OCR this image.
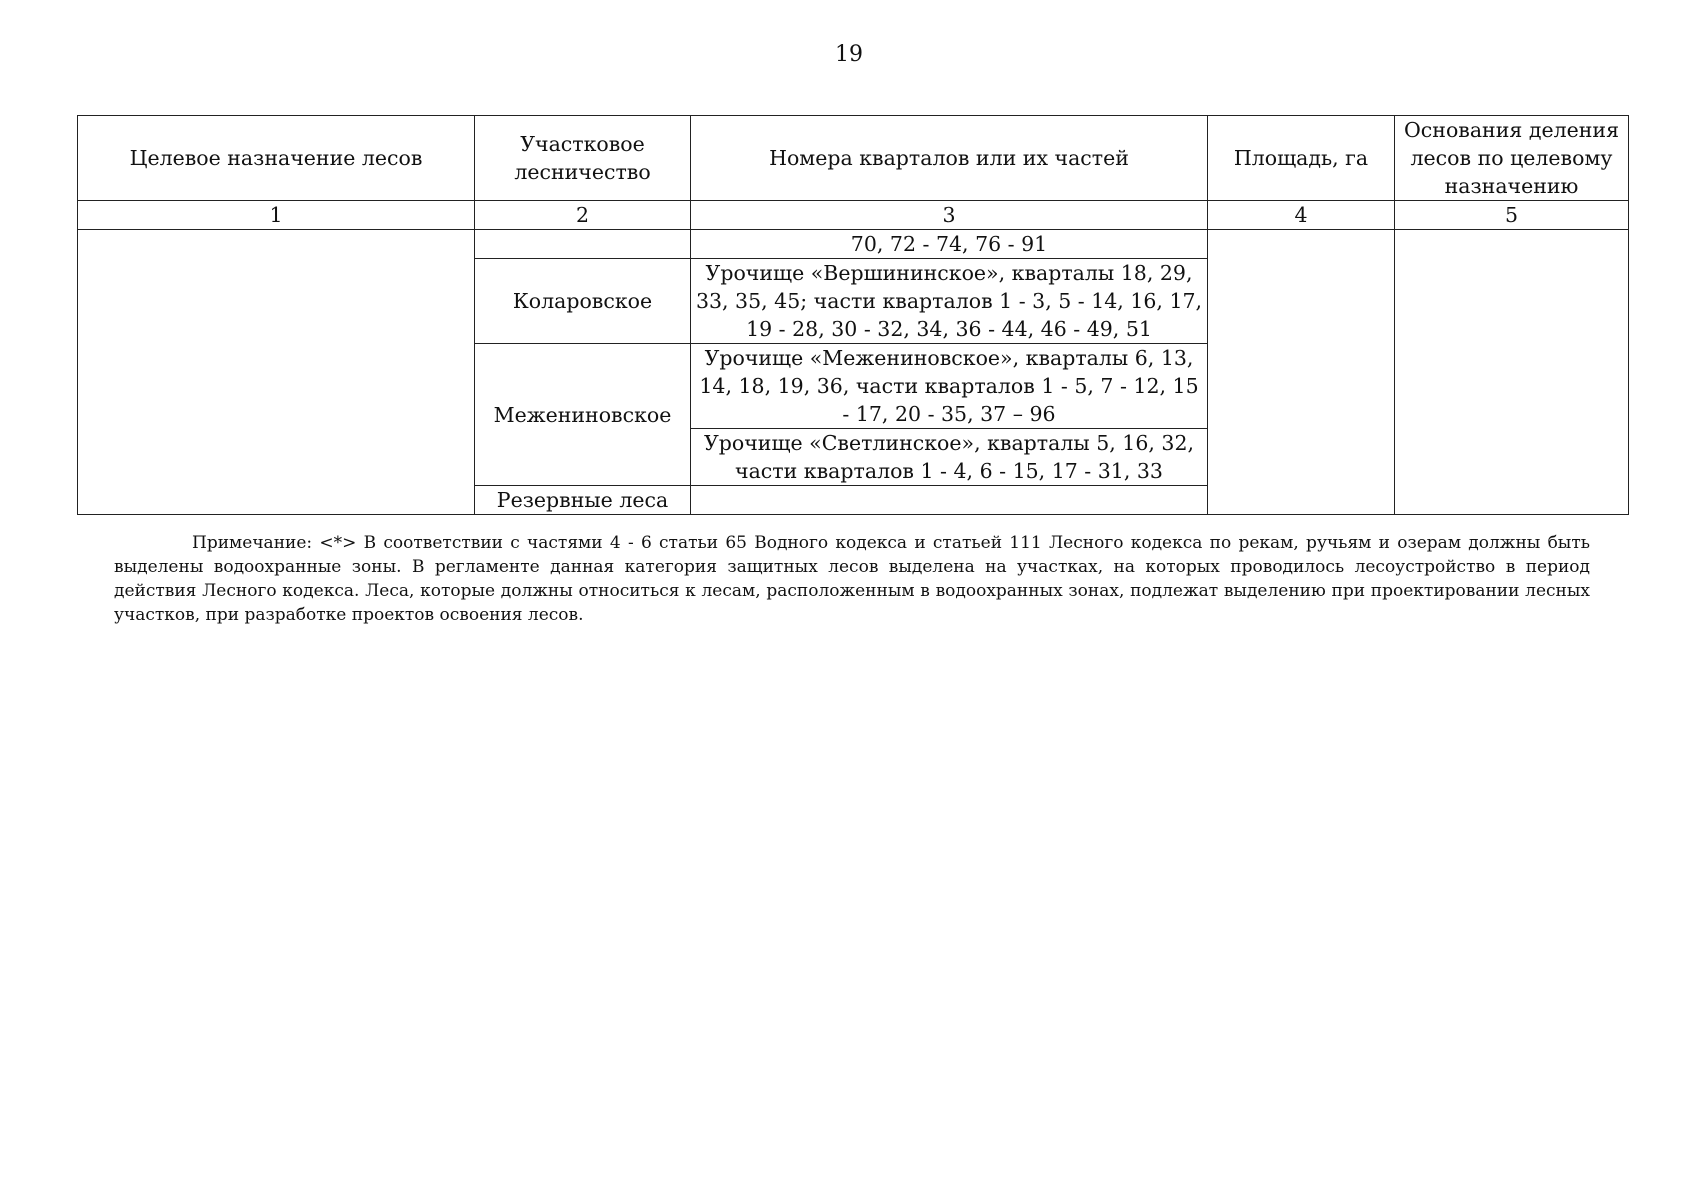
19
Целевое назначение лесов	Участковое лесничество	Номера кварталов или их частей	Площадь, га	Основания деления лесов по целевому назначению	
1	2	3	4	5	
		70, 72 - 74, 76 - 91			
	Коларовское	Урочище «Вершининское», кварталы 18, 29, 33, 35, 45; части кварталов 1 - 3, 5 - 14, 16, 17, 19 - 28, 30 - 32, 34, 36 - 44, 46 - 49, 51			
	Межениновское	Урочище «Межениновское», кварталы 6, 13, 14, 18, 19, 36, части кварталов 1 - 5, 7 - 12, 15 - 17, 20 - 35, 37 – 96			
		Урочище «Светлинское», кварталы 5, 16, 32, части кварталов 1 - 4, 6 - 15, 17 - 31, 33			
	Резервные леса				

Примечание: <*> В соответствии с частями 4 - 6 статьи 65 Водного кодекса и статьей 111 Лесного кодекса по рекам, ручьям и озерам должны быть выделены водоохранные зоны. В регламенте данная категория защитных лесов выделена на участках, на которых проводилось лесоустройство в период действия Лесного кодекса. Леса, которые должны относиться к лесам, расположенным в водоохранных зонах, подлежат выделению при проектировании лесных участков, при разработке проектов освоения лесов.
